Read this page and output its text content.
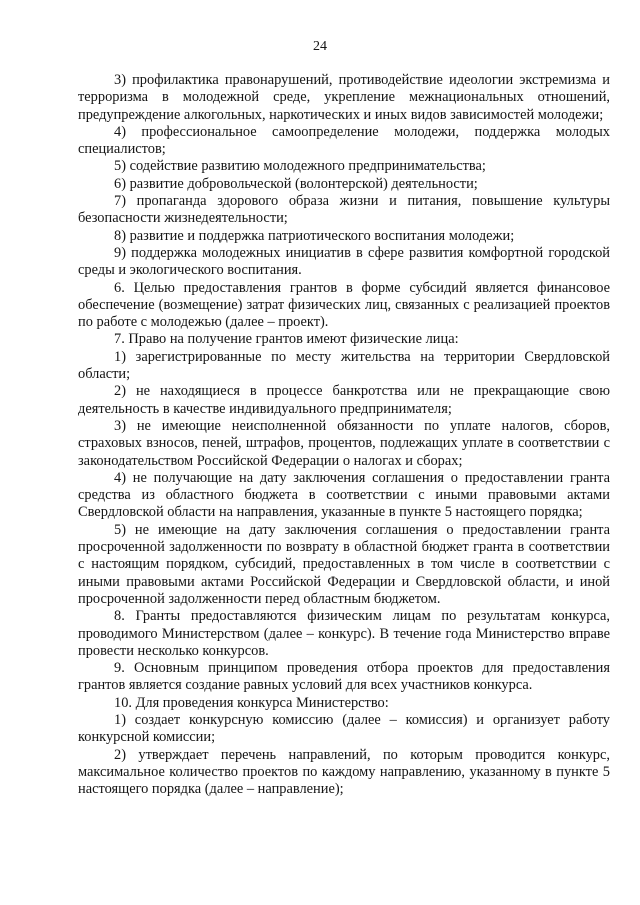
24

3) профилактика правонарушений, противодействие идеологии экстремизма и терроризма в молодежной среде, укрепление межнациональных отношений, предупреждение алкогольных, наркотических и иных видов зависимостей молодежи;

4) профессиональное самоопределение молодежи, поддержка молодых специалистов;

5) содействие развитию молодежного предпринимательства;

6) развитие добровольческой (волонтерской) деятельности;

7) пропаганда здорового образа жизни и питания, повышение культуры безопасности жизнедеятельности;

8) развитие и поддержка патриотического воспитания молодежи;

9) поддержка молодежных инициатив в сфере развития комфортной городской среды и экологического воспитания.

6. Целью предоставления грантов в форме субсидий является финансовое обеспечение (возмещение) затрат физических лиц, связанных с реализацией проектов по работе с молодежью (далее – проект).

7. Право на получение грантов имеют физические лица:

1) зарегистрированные по месту жительства на территории Свердловской области;

2) не находящиеся в процессе банкротства или не прекращающие свою деятельность в качестве индивидуального предпринимателя;

3) не имеющие неисполненной обязанности по уплате налогов, сборов, страховых взносов, пеней, штрафов, процентов, подлежащих уплате в соответствии с законодательством Российской Федерации о налогах и сборах;

4) не получающие на дату заключения соглашения о предоставлении гранта средства из областного бюджета в соответствии с иными правовыми актами Свердловской области на направления, указанные в пункте 5 настоящего порядка;

5) не имеющие на дату заключения соглашения о предоставлении гранта просроченной задолженности по возврату в областной бюджет гранта в соответствии с настоящим порядком, субсидий, предоставленных в том числе в соответствии с иными правовыми актами Российской Федерации и Свердловской области, и иной просроченной задолженности перед областным бюджетом.

8. Гранты предоставляются физическим лицам по результатам конкурса, проводимого Министерством (далее – конкурс). В течение года Министерство вправе провести несколько конкурсов.

9. Основным принципом проведения отбора проектов для предоставления грантов является создание равных условий для всех участников конкурса.

10. Для проведения конкурса Министерство:

1) создает конкурсную комиссию (далее – комиссия) и организует работу конкурсной комиссии;

2) утверждает перечень направлений, по которым проводится конкурс, максимальное количество проектов по каждому направлению, указанному в пункте 5 настоящего порядка (далее – направление);
